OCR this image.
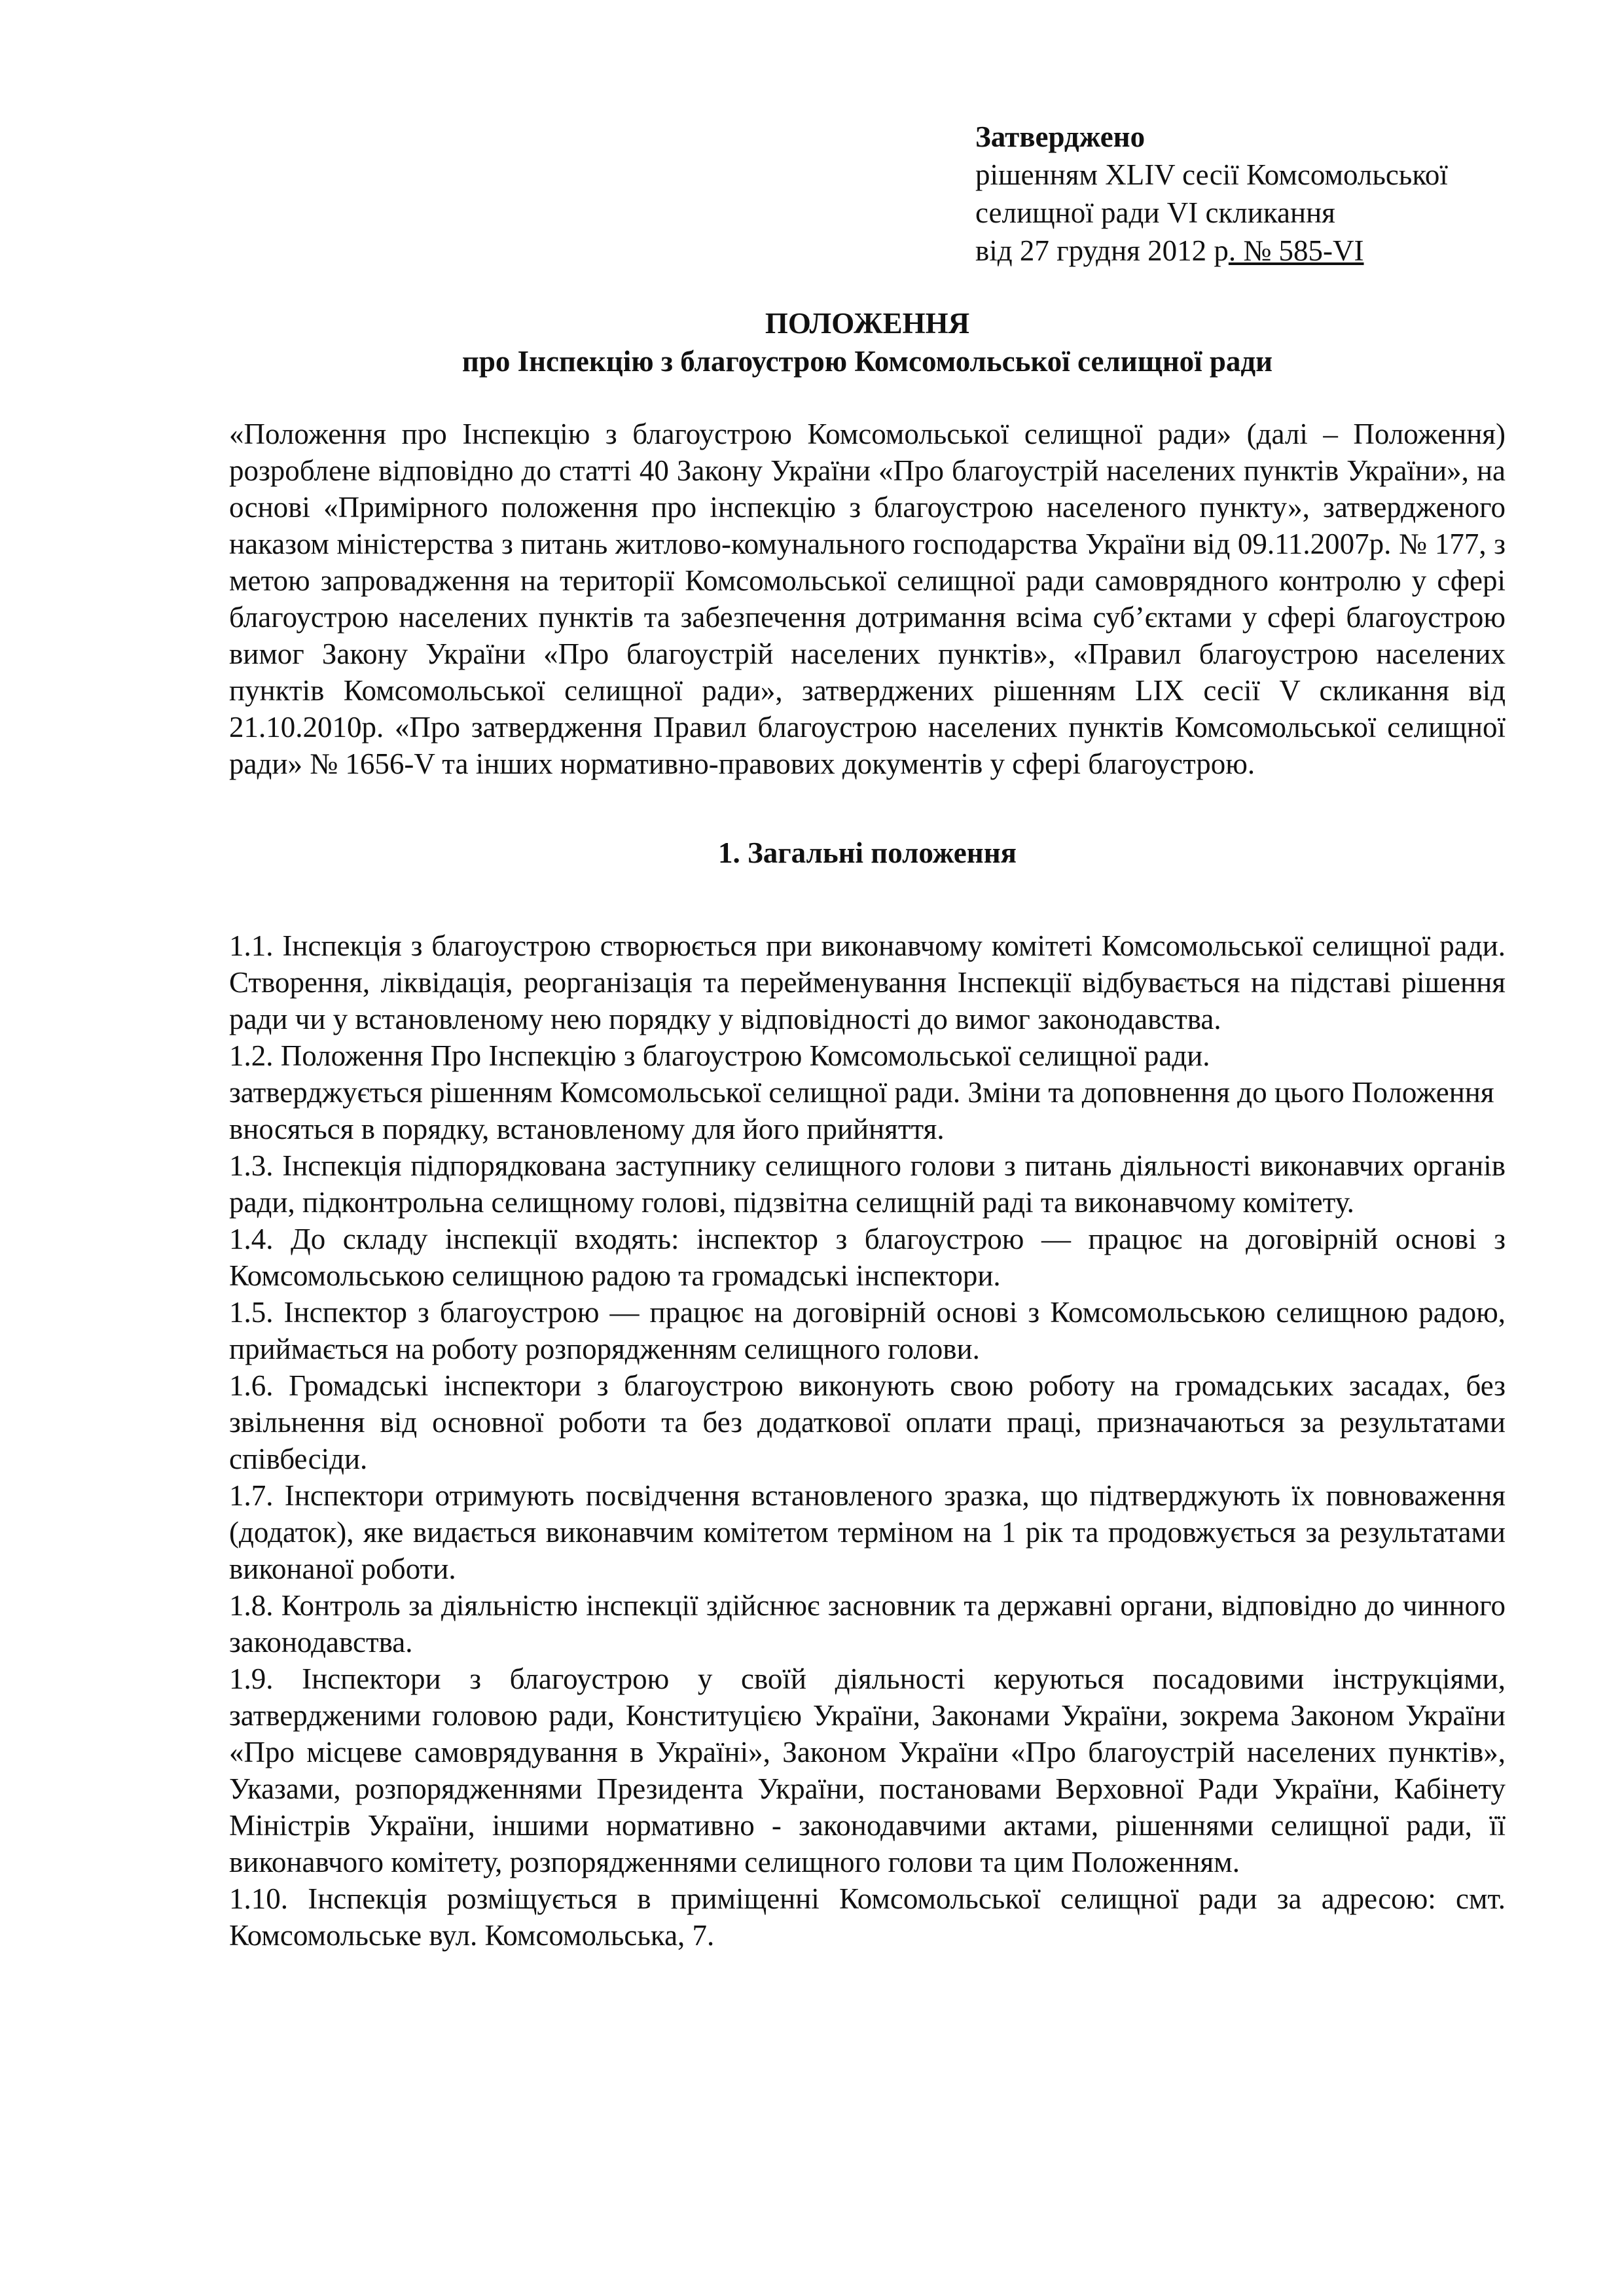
Затверджено
рішенням XLIV сесії Комсомольської
селищної ради VI скликання
від 27 грудня 2012 р. № 585-VI
ПОЛОЖЕННЯ
про Інспекцію з благоустрою Комсомольської селищної ради

«Положення про Інспекцію з благоустрою Комсомольської селищної ради» (далі – Положення) розроблене відповідно до статті 40 Закону України «Про благоустрій населених пунктів України», на основі «Примірного положення про інспекцію з благоустрою населеного пункту», затвердженого наказом міністерства з питань житлово-комунального господарства України від 09.11.2007р. № 177, з метою запровадження на території Комсомольської селищної ради самоврядного контролю у сфері благоустрою населених пунктів та забезпечення дотримання всіма суб’єктами у сфері благоустрою вимог Закону України «Про благоустрій населених пунктів», «Правил благоустрою населених пунктів Комсомольської селищної ради», затверджених рішенням LIX сесії V скликання від 21.10.2010р. «Про затвердження Правил благоустрою населених пунктів Комсомольської селищної ради» № 1656-V та інших нормативно-правових документів у сфері благоустрою.

1. Загальні положення

1.1. Інспекція з благоустрою створюється при виконавчому комітеті Комсомольської селищної ради. Створення, ліквідація, реорганізація та перейменування Інспекції відбувається на підставі рішення ради чи у встановленому нею порядку у відповідності до вимог законодавства.

1.2. Положення Про Інспекцію з благоустрою Комсомольської селищної ради.

затверджується рішенням Комсомольської селищної ради. Зміни та доповнення до цього Положення вносяться в порядку, встановленому для його прийняття.

1.3. Інспекція підпорядкована заступнику селищного голови з питань діяльності виконавчих органів ради, підконтрольна селищному голові, підзвітна селищній раді та виконавчому комітету.

1.4. До складу інспекції входять: інспектор з благоустрою — працює на договірній основі з Комсомольською селищною радою та громадські інспектори.

1.5. Інспектор з благоустрою — працює на договірній основі з Комсомольською селищною радою, приймається на роботу розпорядженням селищного голови.

1.6. Громадські інспектори з благоустрою виконують свою роботу на громадських засадах, без звільнення від основної роботи та без додаткової оплати праці, призначаються за результатами співбесіди.

1.7. Інспектори отримують посвідчення встановленого зразка, що підтверджують їх повноваження (додаток), яке видається виконавчим комітетом терміном на 1 рік та продовжується за результатами виконаної роботи.

1.8. Контроль за діяльністю інспекції здійснює засновник та державні органи, відповідно до чинного законодавства.

1.9. Інспектори з благоустрою у своїй діяльності керуються посадовими інструкціями, затвердженими головою ради, Конституцією України, Законами України, зокрема Законом України «Про місцеве самоврядування в Україні», Законом України «Про благоустрій населених пунктів», Указами, розпорядженнями Президента України, постановами Верховної Ради України, Кабінету Міністрів України, іншими нормативно - законодавчими актами, рішеннями селищної ради, її виконавчого комітету, розпорядженнями селищного голови та цим Положенням.

1.10. Інспекція розміщується в приміщенні Комсомольської селищної ради за адресою: смт. Комсомольське вул. Комсомольська, 7.
